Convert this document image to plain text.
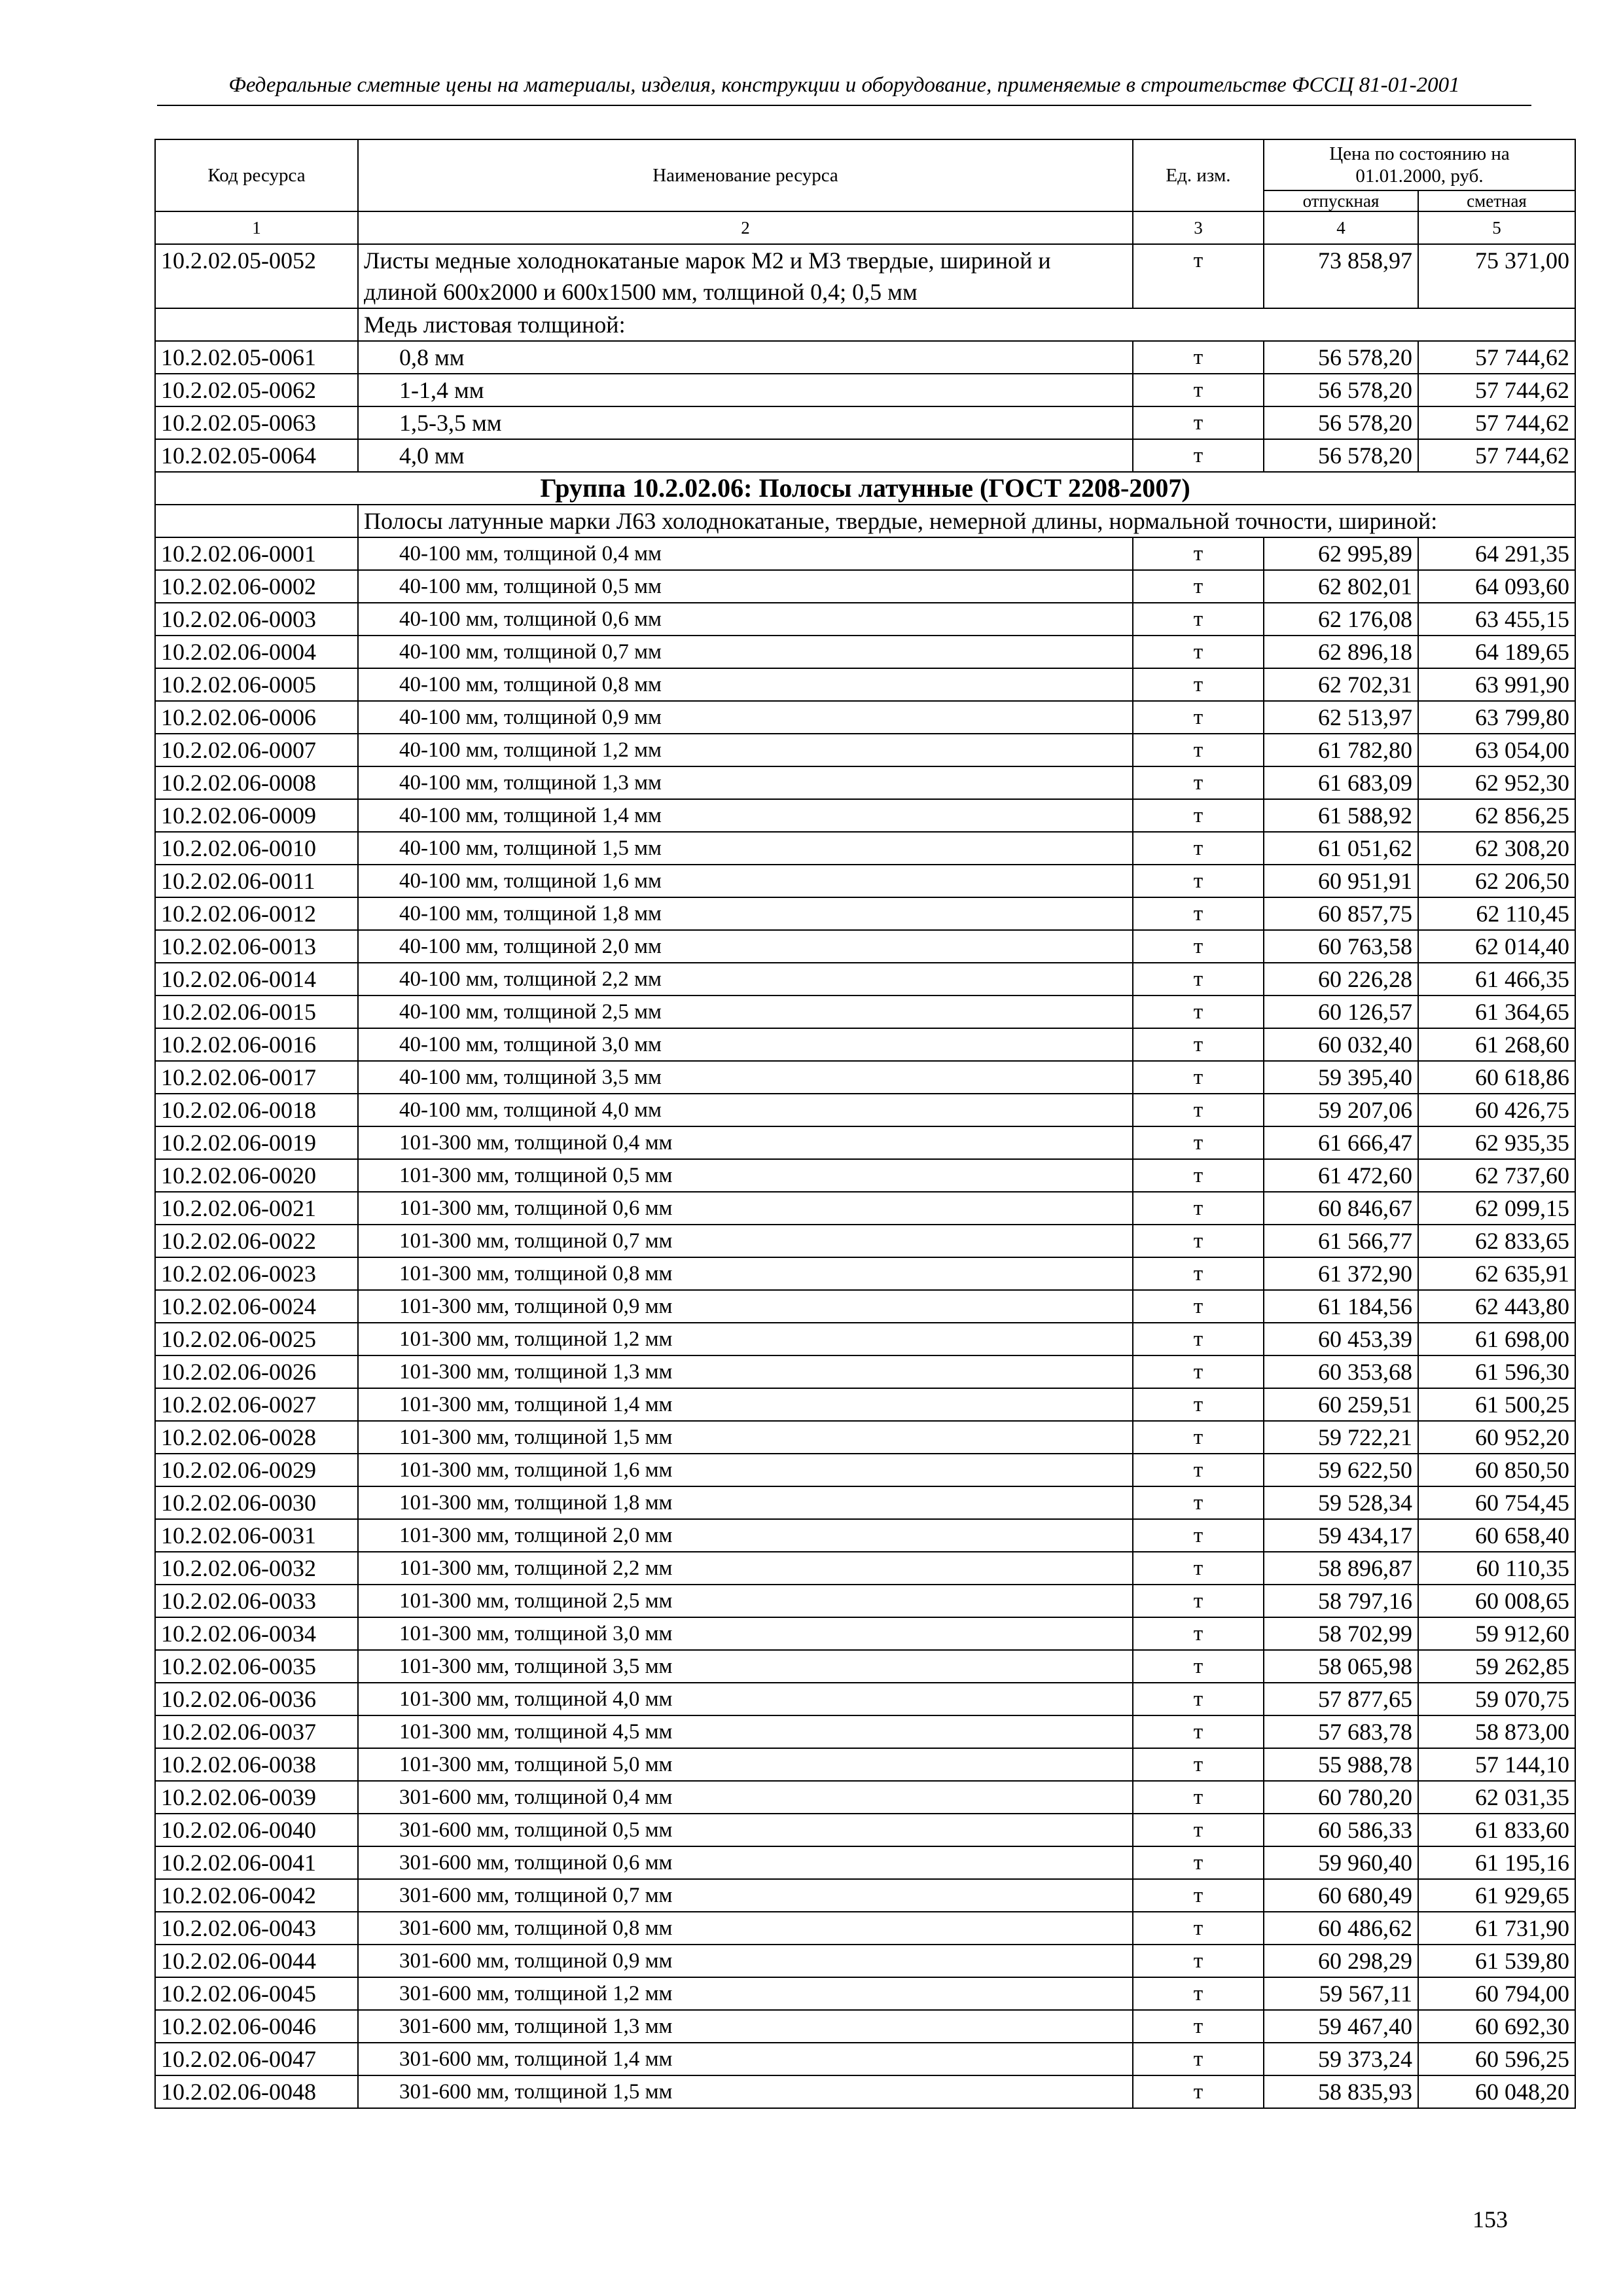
Федеральные сметные цены на материалы, изделия, конструкции и оборудование, применяемые в строительстве ФССЦ 81-01-2001
Код ресурса	Наименование ресурса	Ед. изм.	Цена по состоянию на 01.01.2000, руб.	
			отпускная	сметная
1	2	3	4	5
10.2.02.05-0052	Листы медные холоднокатаные марок М2 и М3 твердые, шириной и длиной 600х2000 и 600х1500 мм, толщиной 0,4; 0,5 мм	т	73 858,97	75 371,00
	Медь листовая толщиной:			
10.2.02.05-0061	0,8 мм	т	56 578,20	57 744,62
10.2.02.05-0062	1-1,4 мм	т	56 578,20	57 744,62
10.2.02.05-0063	1,5-3,5 мм	т	56 578,20	57 744,62
10.2.02.05-0064	4,0 мм	т	56 578,20	57 744,62
Группа 10.2.02.06: Полосы латунные (ГОСТ 2208-2007)				
	Полосы латунные марки Л63 холоднокатаные, твердые, немерной длины, нормальной точности, шириной:			
10.2.02.06-0001	40-100 мм, толщиной 0,4 мм	т	62 995,89	64 291,35
10.2.02.06-0002	40-100 мм, толщиной 0,5 мм	т	62 802,01	64 093,60
10.2.02.06-0003	40-100 мм, толщиной 0,6 мм	т	62 176,08	63 455,15
10.2.02.06-0004	40-100 мм, толщиной 0,7 мм	т	62 896,18	64 189,65
10.2.02.06-0005	40-100 мм, толщиной 0,8 мм	т	62 702,31	63 991,90
10.2.02.06-0006	40-100 мм, толщиной 0,9 мм	т	62 513,97	63 799,80
10.2.02.06-0007	40-100 мм, толщиной 1,2 мм	т	61 782,80	63 054,00
10.2.02.06-0008	40-100 мм, толщиной 1,3 мм	т	61 683,09	62 952,30
10.2.02.06-0009	40-100 мм, толщиной 1,4 мм	т	61 588,92	62 856,25
10.2.02.06-0010	40-100 мм, толщиной 1,5 мм	т	61 051,62	62 308,20
10.2.02.06-0011	40-100 мм, толщиной 1,6 мм	т	60 951,91	62 206,50
10.2.02.06-0012	40-100 мм, толщиной 1,8 мм	т	60 857,75	62 110,45
10.2.02.06-0013	40-100 мм, толщиной 2,0 мм	т	60 763,58	62 014,40
10.2.02.06-0014	40-100 мм, толщиной 2,2 мм	т	60 226,28	61 466,35
10.2.02.06-0015	40-100 мм, толщиной 2,5 мм	т	60 126,57	61 364,65
10.2.02.06-0016	40-100 мм, толщиной 3,0 мм	т	60 032,40	61 268,60
10.2.02.06-0017	40-100 мм, толщиной 3,5 мм	т	59 395,40	60 618,86
10.2.02.06-0018	40-100 мм, толщиной 4,0 мм	т	59 207,06	60 426,75
10.2.02.06-0019	101-300 мм, толщиной 0,4 мм	т	61 666,47	62 935,35
10.2.02.06-0020	101-300 мм, толщиной 0,5 мм	т	61 472,60	62 737,60
10.2.02.06-0021	101-300 мм, толщиной 0,6 мм	т	60 846,67	62 099,15
10.2.02.06-0022	101-300 мм, толщиной 0,7 мм	т	61 566,77	62 833,65
10.2.02.06-0023	101-300 мм, толщиной 0,8 мм	т	61 372,90	62 635,91
10.2.02.06-0024	101-300 мм, толщиной 0,9 мм	т	61 184,56	62 443,80
10.2.02.06-0025	101-300 мм, толщиной 1,2 мм	т	60 453,39	61 698,00
10.2.02.06-0026	101-300 мм, толщиной 1,3 мм	т	60 353,68	61 596,30
10.2.02.06-0027	101-300 мм, толщиной 1,4 мм	т	60 259,51	61 500,25
10.2.02.06-0028	101-300 мм, толщиной 1,5 мм	т	59 722,21	60 952,20
10.2.02.06-0029	101-300 мм, толщиной 1,6 мм	т	59 622,50	60 850,50
10.2.02.06-0030	101-300 мм, толщиной 1,8 мм	т	59 528,34	60 754,45
10.2.02.06-0031	101-300 мм, толщиной 2,0 мм	т	59 434,17	60 658,40
10.2.02.06-0032	101-300 мм, толщиной 2,2 мм	т	58 896,87	60 110,35
10.2.02.06-0033	101-300 мм, толщиной 2,5 мм	т	58 797,16	60 008,65
10.2.02.06-0034	101-300 мм, толщиной 3,0 мм	т	58 702,99	59 912,60
10.2.02.06-0035	101-300 мм, толщиной 3,5 мм	т	58 065,98	59 262,85
10.2.02.06-0036	101-300 мм, толщиной 4,0 мм	т	57 877,65	59 070,75
10.2.02.06-0037	101-300 мм, толщиной 4,5 мм	т	57 683,78	58 873,00
10.2.02.06-0038	101-300 мм, толщиной 5,0 мм	т	55 988,78	57 144,10
10.2.02.06-0039	301-600 мм, толщиной 0,4 мм	т	60 780,20	62 031,35
10.2.02.06-0040	301-600 мм, толщиной 0,5 мм	т	60 586,33	61 833,60
10.2.02.06-0041	301-600 мм, толщиной 0,6 мм	т	59 960,40	61 195,16
10.2.02.06-0042	301-600 мм, толщиной 0,7 мм	т	60 680,49	61 929,65
10.2.02.06-0043	301-600 мм, толщиной 0,8 мм	т	60 486,62	61 731,90
10.2.02.06-0044	301-600 мм, толщиной 0,9 мм	т	60 298,29	61 539,80
10.2.02.06-0045	301-600 мм, толщиной 1,2 мм	т	59 567,11	60 794,00
10.2.02.06-0046	301-600 мм, толщиной 1,3 мм	т	59 467,40	60 692,30
10.2.02.06-0047	301-600 мм, толщиной 1,4 мм	т	59 373,24	60 596,25
10.2.02.06-0048	301-600 мм, толщиной 1,5 мм	т	58 835,93	60 048,20
153
